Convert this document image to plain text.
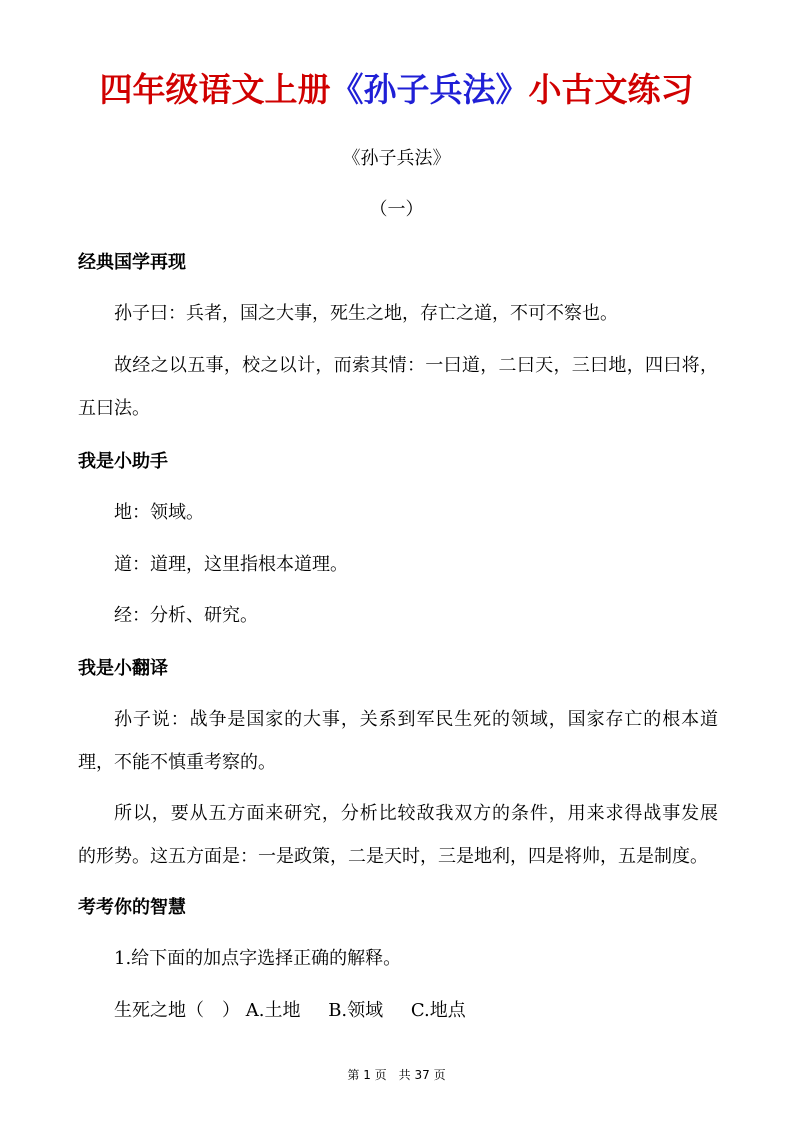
四年级语文上册《孙子兵法》小古文练习
《孙子兵法》
（一）
经典国学再现
孙子曰：兵者，国之大事，死生之地，存亡之道，不可不察也。
故经之以五事，校之以计，而索其情：一曰道，二曰天，三曰地，四曰将，
五曰法。
我是小助手
地：领域。
道：道理，这里指根本道理。
经：分析、研究。
我是小翻译
孙子说：战争是国家的大事，关系到军民生死的领域，国家存亡的根本道
理，不能不慎重考察的。
所以，要从五方面来研究，分析比较敌我双方的条件，用来求得战事发展
的形势。这五方面是：一是政策，二是天时，三是地利，四是将帅，五是制度。
考考你的智慧
1.给下面的加点字选择正确的解释。
生死之地（　） A.土地 B.领域 C.地点
第 1 页　共 37 页
